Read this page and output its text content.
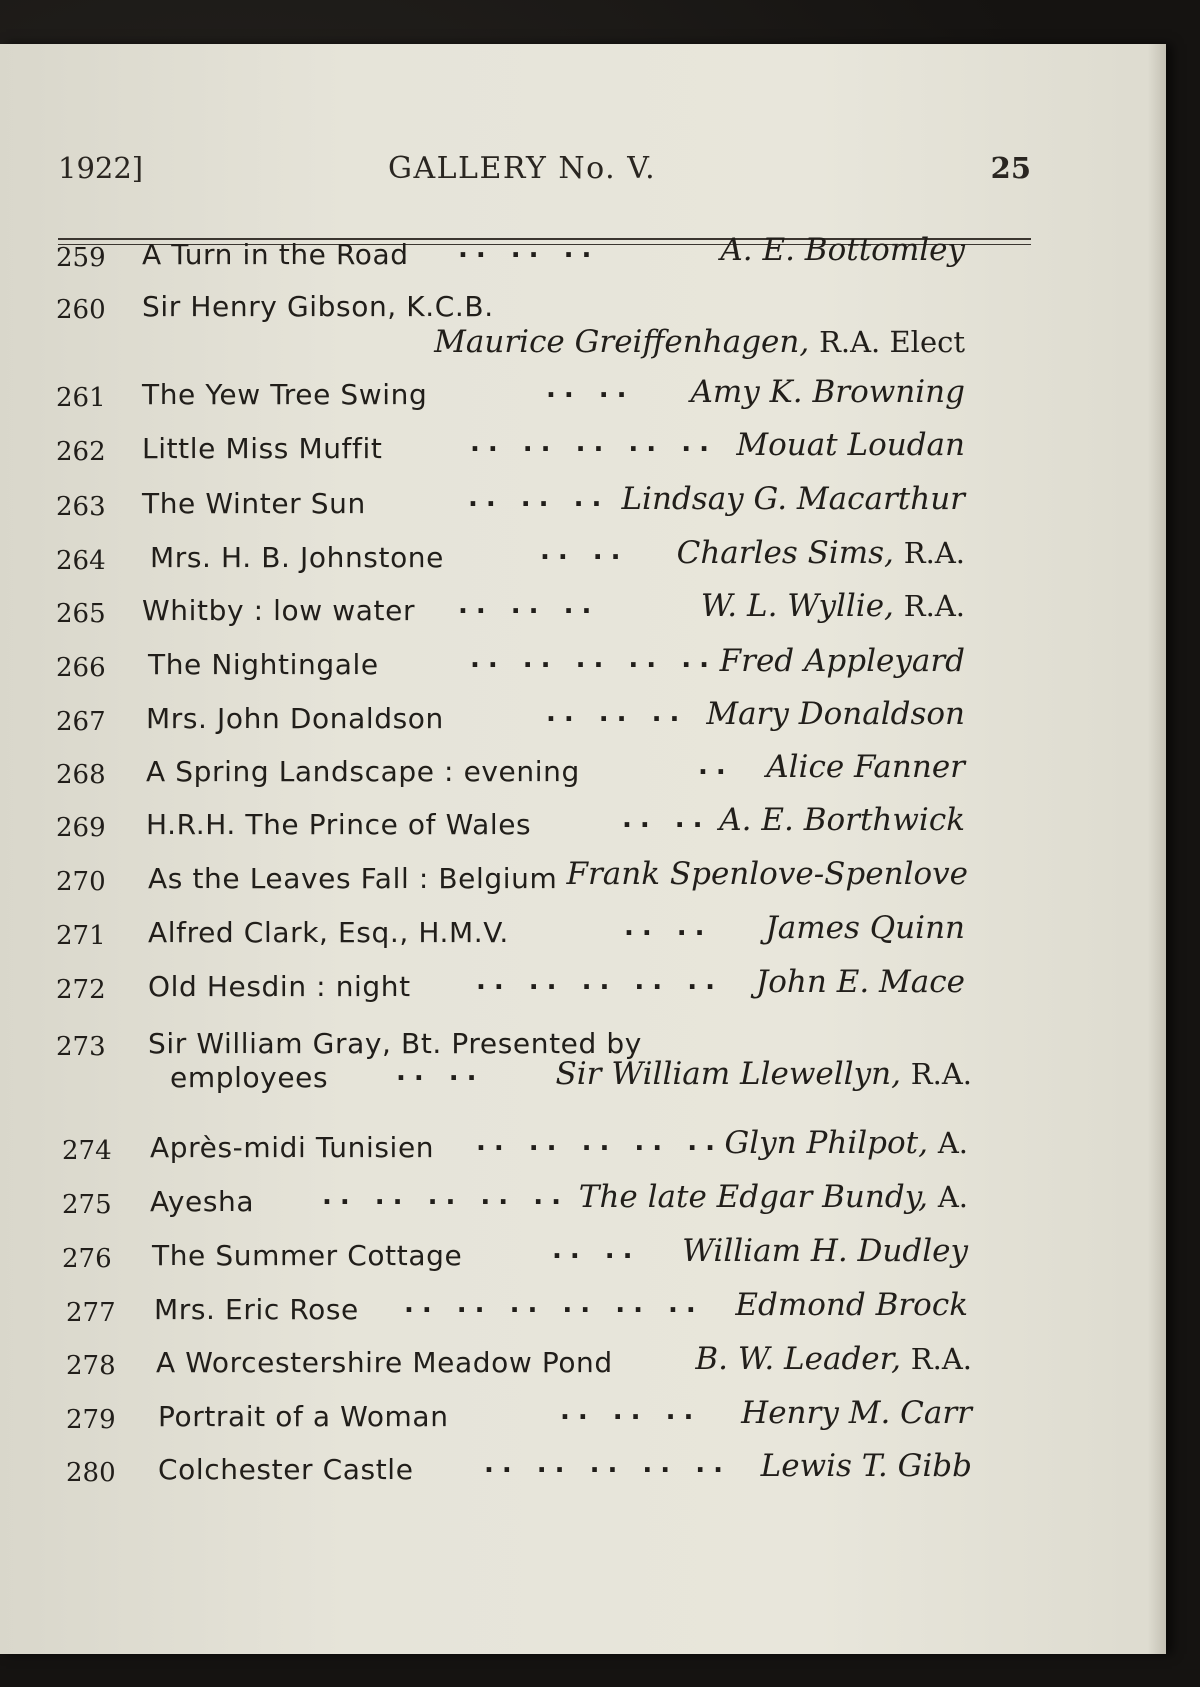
1922]	GALLERY No. V.	25
259 A Turn in the Road .. .. ..	A. E. Bottomley
260 Sir Henry Gibson, K.C.B.
Maurice Greiffenhagen, R.A. Elect
261 The Yew Tree Swing	.. .. Amy K. Browning
262 Little Miss Muffit	.. .. .. .. .. Mouat Loudan
263 The Winter Sun	.. .. .. Lindsay G. Macarthur
264 Mrs. H. B. Johnstone	.. .. Charles Sims, R.A.
265 Whitby : low water .. .. ..	W. L. Wyllie, R.A.
266 The Nightingale	.. .. .. .. .. Fred Appleyard
267 Mrs. John Donaldson	.. .. .. Mary Donaldson
268 A Spring Landscape : evening	.. Alice Fanner
269 H.R.H. The Prince of Wales	.. .. A. E. Borthwick
270 As the Leaves Fall : Belgium Frank Spenlove-Spenlove
271 Alfred Clark, Esq., H.M.V.	.. .. James Quinn
272 Old Hesdin : night	.. .. .. .. .. John E. Mace
273 Sir William Gray, Bt. Presented by
employees	.. .. Sir William Llewellyn, R.A.
274 Après-midi Tunisien .. .. .. .. .. Glyn Philpot, A.
275 Ayesha	.. .. .. .. .. The late Edgar Bundy, A.
276 The Summer Cottage	.. .. William H. Dudley
277 Mrs. Eric Rose .. .. .. .. .. .. Edmond Brock
278 A Worcestershire Meadow Pond	B. W. Leader, R.A.
279 Portrait of a Woman	.. .. .. Henry M. Carr
280 Colchester Castle	.. .. .. .. .. Lewis T. Gibb
